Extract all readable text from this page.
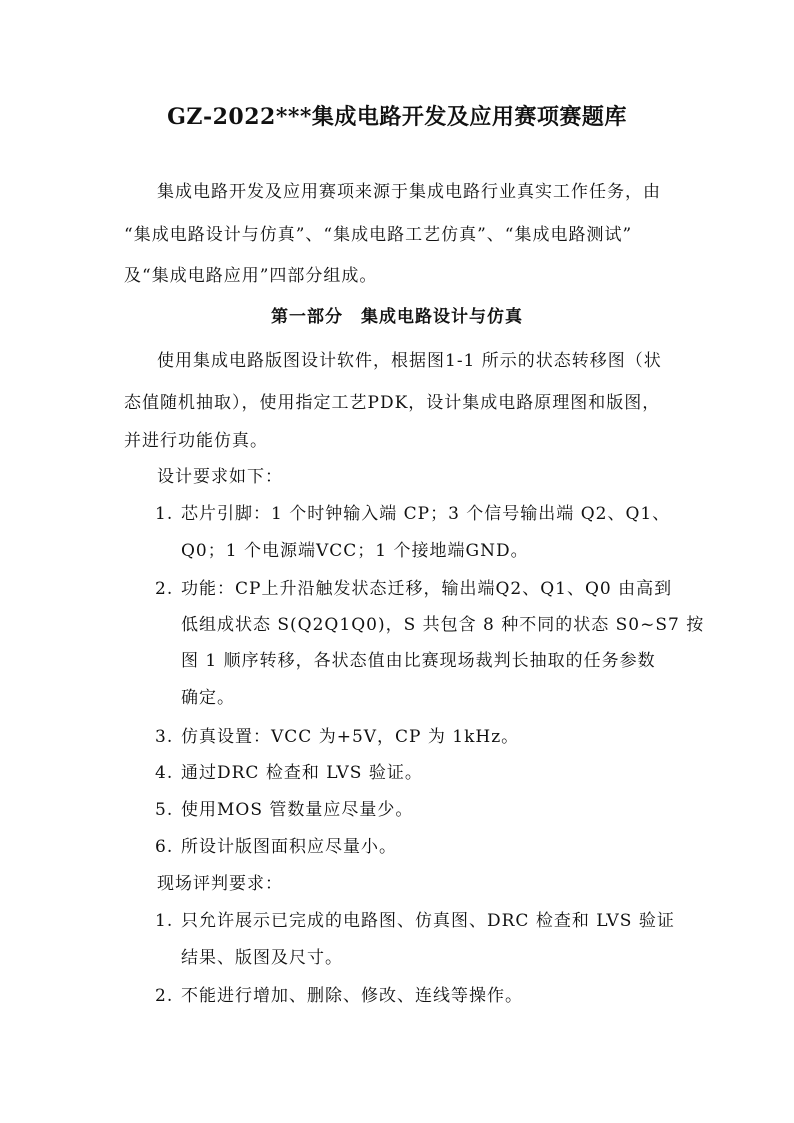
GZ-2022***集成电路开发及应用赛项赛题库
集成电路开发及应用赛项来源于集成电路行业真实工作任务，由
“集成电路设计与仿真”、“集成电路工艺仿真”、“集成电路测试”
及“集成电路应用”四部分组成。
第一部分　集成电路设计与仿真
使用集成电路版图设计软件，根据图1-1 所示的状态转移图（状
态值随机抽取），使用指定工艺PDK，设计集成电路原理图和版图，
并进行功能仿真。
设计要求如下：
1. 芯片引脚：1 个时钟输入端 CP；3 个信号输出端 Q2、Q1、
Q0；1 个电源端VCC；1 个接地端GND。
2. 功能：CP上升沿触发状态迁移，输出端Q2、Q1、Q0 由高到
低组成状态 S(Q2Q1Q0)，S 共包含 8 种不同的状态 S0~S7 按
图 1 顺序转移，各状态值由比赛现场裁判长抽取的任务参数
确定。
3. 仿真设置：VCC 为+5V，CP 为 1kHz。
4. 通过DRC 检查和 LVS 验证。
5. 使用MOS 管数量应尽量少。
6. 所设计版图面积应尽量小。
现场评判要求：
1. 只允许展示已完成的电路图、仿真图、DRC 检查和 LVS 验证
结果、版图及尺寸。
2. 不能进行增加、删除、修改、连线等操作。
